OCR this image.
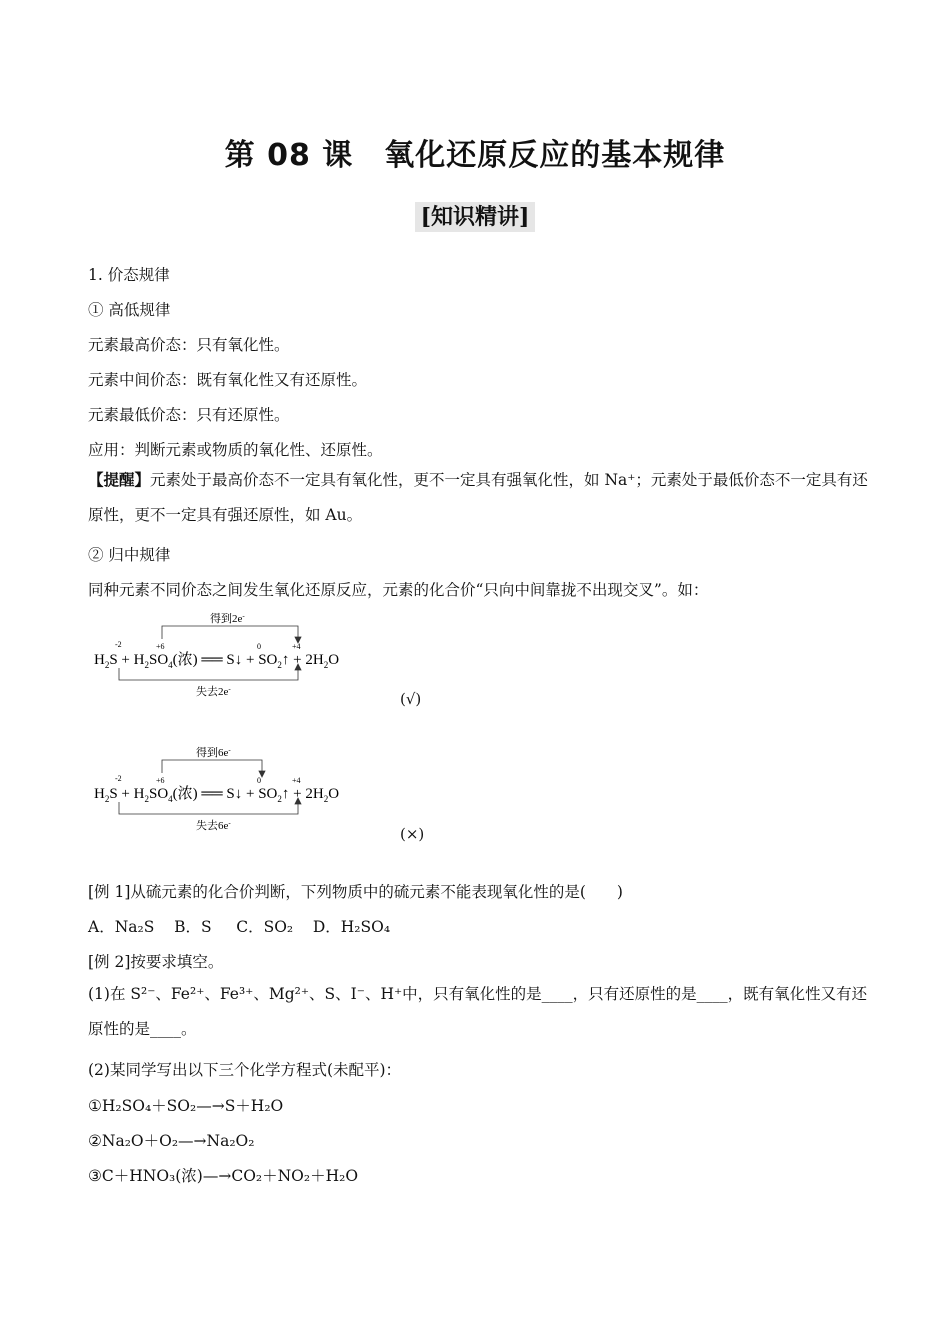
第 08 课　氧化还原反应的基本规律
[知识精讲]
1. 价态规律
① 高低规律
元素最高价态：只有氧化性。
元素中间价态：既有氧化性又有还原性。
元素最低价态：只有还原性。
应用：判断元素或物质的氧化性、还原性。
【提醒】元素处于最高价态不一定具有氧化性，更不一定具有强氧化性，如 Na⁺；元素处于最低价态不一定具有还原性，更不一定具有强还原性，如 Au。
② 归中规律
同种元素不同价态之间发生氧化还原反应，元素的化合价“只向中间靠拢不出现交叉”。如：
得到2e-
失去2e-
-2	+6	0	+4
$H_2S + H_2SO_4$(浓) ══ S↓ + $SO_2↑ + 2H_2O$
(√)
得到6e-
失去6e-
-2	+6	0	+4
$H_2S + H_2SO_4$(浓) ══ S↓ + $SO_2↑ + 2H_2O$
(×)
[例 1]从硫元素的化合价判断，下列物质中的硫元素不能表现氧化性的是(　　)
A．Na₂S B．S C．SO₂ D．H₂SO₄
[例 2]按要求填空。
(1)在 S²⁻、Fe²⁺、Fe³⁺、Mg²⁺、S、I⁻、H⁺中，只有氧化性的是____，只有还原性的是____，既有氧化性又有还原性的是____。
(2)某同学写出以下三个化学方程式(未配平)：
①H₂SO₄＋SO₂—→S＋H₂O
②Na₂O＋O₂—→Na₂O₂
③C＋HNO₃(浓)—→CO₂＋NO₂＋H₂O
